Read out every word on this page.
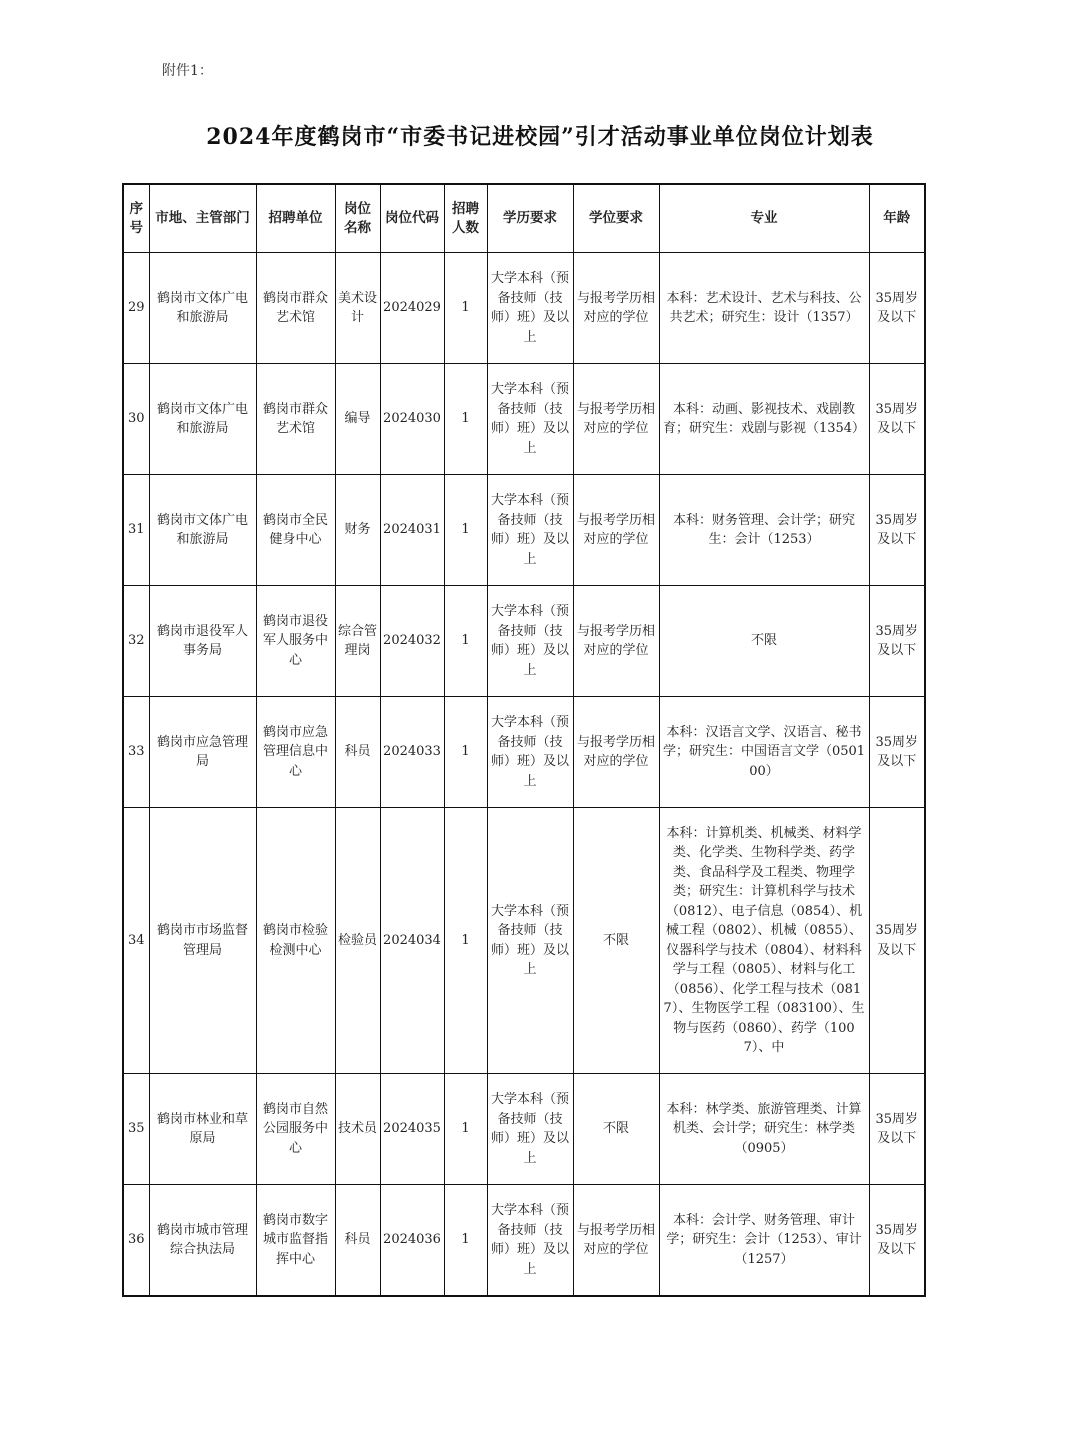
附件1：
2024年度鹤岗市“市委书记进校园”引才活动事业单位岗位计划表
序号	市地、主管部门	招聘单位	岗位名称	岗位代码	招聘人数	学历要求	学位要求	专业	年龄
29	鹤岗市文体广电和旅游局	鹤岗市群众艺术馆	美术设计	2024029	1	大学本科（预备技师（技师）班）及以上	与报考学历相对应的学位	本科：艺术设计、艺术与科技、公共艺术；研究生：设计（1357）	35周岁及以下
30	鹤岗市文体广电和旅游局	鹤岗市群众艺术馆	编导	2024030	1	大学本科（预备技师（技师）班）及以上	与报考学历相对应的学位	本科：动画、影视技术、戏剧教育；研究生：戏剧与影视（1354）	35周岁及以下
31	鹤岗市文体广电和旅游局	鹤岗市全民健身中心	财务	2024031	1	大学本科（预备技师（技师）班）及以上	与报考学历相对应的学位	本科：财务管理、会计学；研究生：会计（1253）	35周岁及以下
32	鹤岗市退役军人事务局	鹤岗市退役军人服务中心	综合管理岗	2024032	1	大学本科（预备技师（技师）班）及以上	与报考学历相对应的学位	不限	35周岁及以下
33	鹤岗市应急管理局	鹤岗市应急管理信息中心	科员	2024033	1	大学本科（预备技师（技师）班）及以上	与报考学历相对应的学位	本科：汉语言文学、汉语言、秘书学；研究生：中国语言文学（050100）	35周岁及以下
34	鹤岗市市场监督管理局	鹤岗市检验检测中心	检验员	2024034	1	大学本科（预备技师（技师）班）及以上	不限	本科：计算机类、机械类、材料学类、化学类、生物科学类、药学类、食品科学及工程类、物理学类；研究生：计算机科学与技术（0812）、电子信息（0854）、机械工程（0802）、机械（0855）、仪器科学与技术（0804）、材料科学与工程（0805）、材料与化工（0856）、化学工程与技术（0817）、生物医学工程（083100）、生物与医药（0860）、药学（1007）、中	35周岁及以下
35	鹤岗市林业和草原局	鹤岗市自然公园服务中心	技术员	2024035	1	大学本科（预备技师（技师）班）及以上	不限	本科：林学类、旅游管理类、计算机类、会计学；研究生：林学类（0905）	35周岁及以下
36	鹤岗市城市管理综合执法局	鹤岗市数字城市监督指挥中心	科员	2024036	1	大学本科（预备技师（技师）班）及以上	与报考学历相对应的学位	本科：会计学、财务管理、审计学；研究生：会计（1253）、审计（1257）	35周岁及以下
